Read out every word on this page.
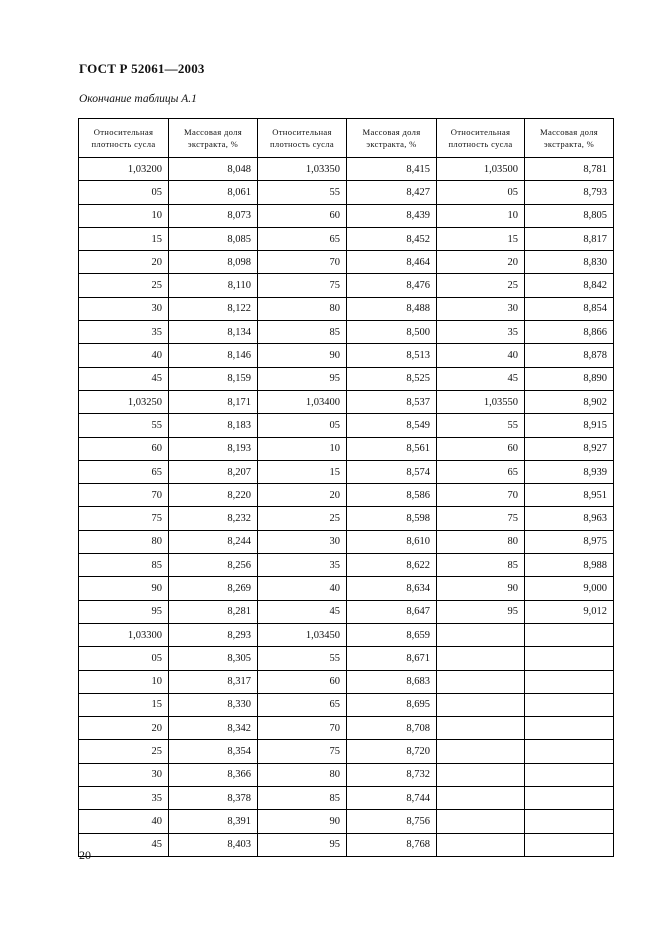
ГОСТ Р 52061—2003
Окончание таблицы А.1
Относительная плотность сусла	Массовая доля экстракта, %	Относительная плотность сусла	Массовая доля экстракта, %	Относительная плотность сусла	Массовая доля экстракта, %
1,03200	8,048	1,03350	8,415	1,03500	8,781
05	8,061	55	8,427	05	8,793
10	8,073	60	8,439	10	8,805
15	8,085	65	8,452	15	8,817
20	8,098	70	8,464	20	8,830
25	8,110	75	8,476	25	8,842
30	8,122	80	8,488	30	8,854
35	8,134	85	8,500	35	8,866
40	8,146	90	8,513	40	8,878
45	8,159	95	8,525	45	8,890
1,03250	8,171	1,03400	8,537	1,03550	8,902
55	8,183	05	8,549	55	8,915
60	8,193	10	8,561	60	8,927
65	8,207	15	8,574	65	8,939
70	8,220	20	8,586	70	8,951
75	8,232	25	8,598	75	8,963
80	8,244	30	8,610	80	8,975
85	8,256	35	8,622	85	8,988
90	8,269	40	8,634	90	9,000
95	8,281	45	8,647	95	9,012
1,03300	8,293	1,03450	8,659		
05	8,305	55	8,671		
10	8,317	60	8,683		
15	8,330	65	8,695		
20	8,342	70	8,708		
25	8,354	75	8,720		
30	8,366	80	8,732		
35	8,378	85	8,744		
40	8,391	90	8,756		
45	8,403	95	8,768		
20
